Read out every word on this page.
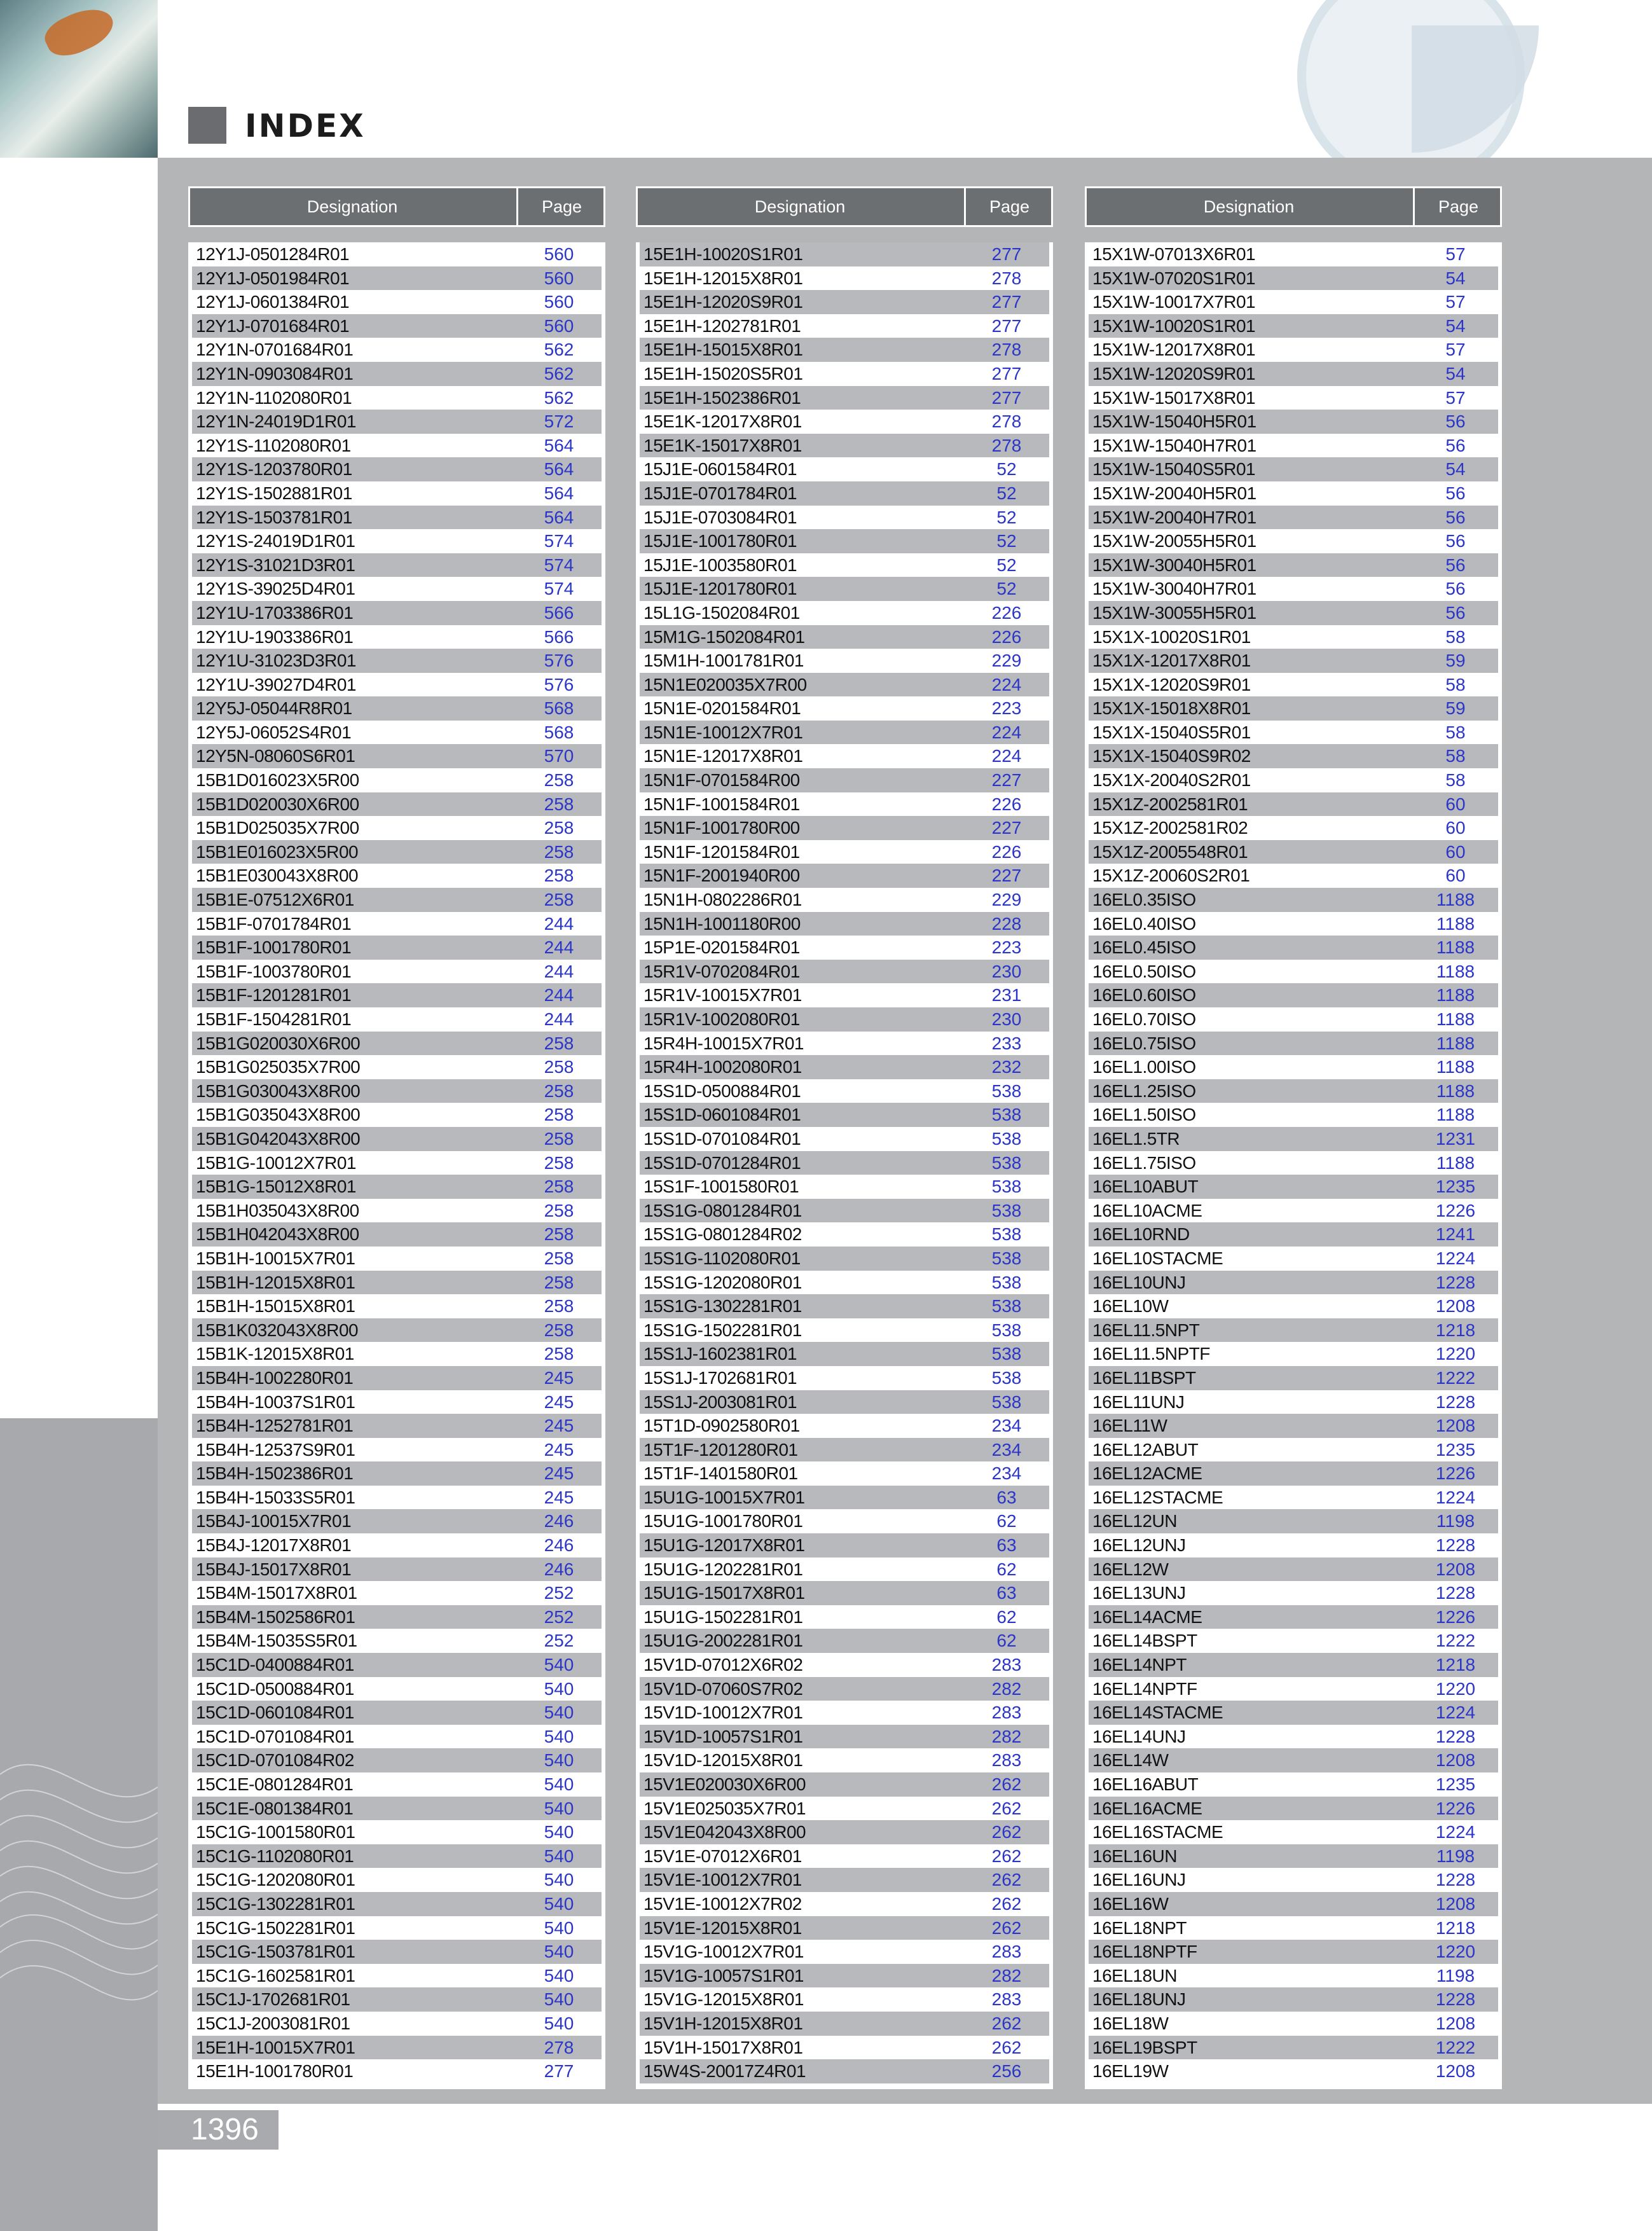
INDEX
Designation	Page
12Y1J-0501284R01	560
12Y1J-0501984R01	560
12Y1J-0601384R01	560
12Y1J-0701684R01	560
12Y1N-0701684R01	562
12Y1N-0903084R01	562
12Y1N-1102080R01	562
12Y1N-24019D1R01	572
12Y1S-1102080R01	564
12Y1S-1203780R01	564
12Y1S-1502881R01	564
12Y1S-1503781R01	564
12Y1S-24019D1R01	574
12Y1S-31021D3R01	574
12Y1S-39025D4R01	574
12Y1U-1703386R01	566
12Y1U-1903386R01	566
12Y1U-31023D3R01	576
12Y1U-39027D4R01	576
12Y5J-05044R8R01	568
12Y5J-06052S4R01	568
12Y5N-08060S6R01	570
15B1D016023X5R00	258
15B1D020030X6R00	258
15B1D025035X7R00	258
15B1E016023X5R00	258
15B1E030043X8R00	258
15B1E-07512X6R01	258
15B1F-0701784R01	244
15B1F-1001780R01	244
15B1F-1003780R01	244
15B1F-1201281R01	244
15B1F-1504281R01	244
15B1G020030X6R00	258
15B1G025035X7R00	258
15B1G030043X8R00	258
15B1G035043X8R00	258
15B1G042043X8R00	258
15B1G-10012X7R01	258
15B1G-15012X8R01	258
15B1H035043X8R00	258
15B1H042043X8R00	258
15B1H-10015X7R01	258
15B1H-12015X8R01	258
15B1H-15015X8R01	258
15B1K032043X8R00	258
15B1K-12015X8R01	258
15B4H-1002280R01	245
15B4H-10037S1R01	245
15B4H-1252781R01	245
15B4H-12537S9R01	245
15B4H-1502386R01	245
15B4H-15033S5R01	245
15B4J-10015X7R01	246
15B4J-12017X8R01	246
15B4J-15017X8R01	246
15B4M-15017X8R01	252
15B4M-1502586R01	252
15B4M-15035S5R01	252
15C1D-0400884R01	540
15C1D-0500884R01	540
15C1D-0601084R01	540
15C1D-0701084R01	540
15C1D-0701084R02	540
15C1E-0801284R01	540
15C1E-0801384R01	540
15C1G-1001580R01	540
15C1G-1102080R01	540
15C1G-1202080R01	540
15C1G-1302281R01	540
15C1G-1502281R01	540
15C1G-1503781R01	540
15C1G-1602581R01	540
15C1J-1702681R01	540
15C1J-2003081R01	540
15E1H-10015X7R01	278
15E1H-1001780R01	277
Designation	Page
15E1H-10020S1R01	277
15E1H-12015X8R01	278
15E1H-12020S9R01	277
15E1H-1202781R01	277
15E1H-15015X8R01	278
15E1H-15020S5R01	277
15E1H-1502386R01	277
15E1K-12017X8R01	278
15E1K-15017X8R01	278
15J1E-0601584R01	52
15J1E-0701784R01	52
15J1E-0703084R01	52
15J1E-1001780R01	52
15J1E-1003580R01	52
15J1E-1201780R01	52
15L1G-1502084R01	226
15M1G-1502084R01	226
15M1H-1001781R01	229
15N1E020035X7R00	224
15N1E-0201584R01	223
15N1E-10012X7R01	224
15N1E-12017X8R01	224
15N1F-0701584R00	227
15N1F-1001584R01	226
15N1F-1001780R00	227
15N1F-1201584R01	226
15N1F-2001940R00	227
15N1H-0802286R01	229
15N1H-1001180R00	228
15P1E-0201584R01	223
15R1V-0702084R01	230
15R1V-10015X7R01	231
15R1V-1002080R01	230
15R4H-10015X7R01	233
15R4H-1002080R01	232
15S1D-0500884R01	538
15S1D-0601084R01	538
15S1D-0701084R01	538
15S1D-0701284R01	538
15S1F-1001580R01	538
15S1G-0801284R01	538
15S1G-0801284R02	538
15S1G-1102080R01	538
15S1G-1202080R01	538
15S1G-1302281R01	538
15S1G-1502281R01	538
15S1J-1602381R01	538
15S1J-1702681R01	538
15S1J-2003081R01	538
15T1D-0902580R01	234
15T1F-1201280R01	234
15T1F-1401580R01	234
15U1G-10015X7R01	63
15U1G-1001780R01	62
15U1G-12017X8R01	63
15U1G-1202281R01	62
15U1G-15017X8R01	63
15U1G-1502281R01	62
15U1G-2002281R01	62
15V1D-07012X6R02	283
15V1D-07060S7R02	282
15V1D-10012X7R01	283
15V1D-10057S1R01	282
15V1D-12015X8R01	283
15V1E020030X6R00	262
15V1E025035X7R01	262
15V1E042043X8R00	262
15V1E-07012X6R01	262
15V1E-10012X7R01	262
15V1E-10012X7R02	262
15V1E-12015X8R01	262
15V1G-10012X7R01	283
15V1G-10057S1R01	282
15V1G-12015X8R01	283
15V1H-12015X8R01	262
15V1H-15017X8R01	262
15W4S-20017Z4R01	256
Designation	Page
15X1W-07013X6R01	57
15X1W-07020S1R01	54
15X1W-10017X7R01	57
15X1W-10020S1R01	54
15X1W-12017X8R01	57
15X1W-12020S9R01	54
15X1W-15017X8R01	57
15X1W-15040H5R01	56
15X1W-15040H7R01	56
15X1W-15040S5R01	54
15X1W-20040H5R01	56
15X1W-20040H7R01	56
15X1W-20055H5R01	56
15X1W-30040H5R01	56
15X1W-30040H7R01	56
15X1W-30055H5R01	56
15X1X-10020S1R01	58
15X1X-12017X8R01	59
15X1X-12020S9R01	58
15X1X-15018X8R01	59
15X1X-15040S5R01	58
15X1X-15040S9R02	58
15X1X-20040S2R01	58
15X1Z-2002581R01	60
15X1Z-2002581R02	60
15X1Z-2005548R01	60
15X1Z-20060S2R01	60
16EL0.35ISO	1188
16EL0.40ISO	1188
16EL0.45ISO	1188
16EL0.50ISO	1188
16EL0.60ISO	1188
16EL0.70ISO	1188
16EL0.75ISO	1188
16EL1.00ISO	1188
16EL1.25ISO	1188
16EL1.50ISO	1188
16EL1.5TR	1231
16EL1.75ISO	1188
16EL10ABUT	1235
16EL10ACME	1226
16EL10RND	1241
16EL10STACME	1224
16EL10UNJ	1228
16EL10W	1208
16EL11.5NPT	1218
16EL11.5NPTF	1220
16EL11BSPT	1222
16EL11UNJ	1228
16EL11W	1208
16EL12ABUT	1235
16EL12ACME	1226
16EL12STACME	1224
16EL12UN	1198
16EL12UNJ	1228
16EL12W	1208
16EL13UNJ	1228
16EL14ACME	1226
16EL14BSPT	1222
16EL14NPT	1218
16EL14NPTF	1220
16EL14STACME	1224
16EL14UNJ	1228
16EL14W	1208
16EL16ABUT	1235
16EL16ACME	1226
16EL16STACME	1224
16EL16UN	1198
16EL16UNJ	1228
16EL16W	1208
16EL18NPT	1218
16EL18NPTF	1220
16EL18UN	1198
16EL18UNJ	1228
16EL18W	1208
16EL19BSPT	1222
16EL19W	1208
1396
